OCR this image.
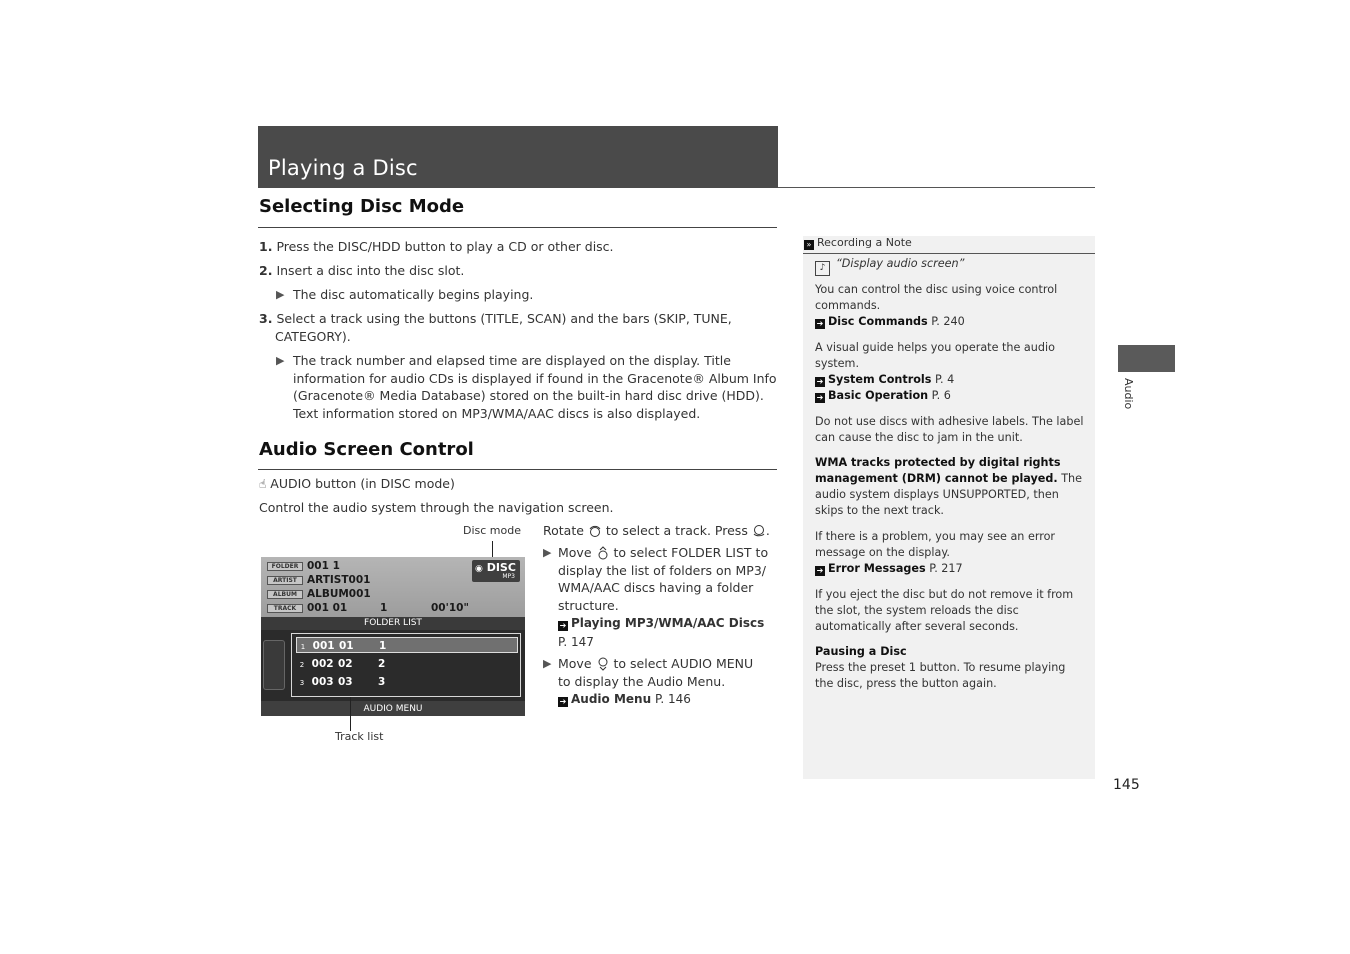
Playing a Disc
Selecting Disc Mode
1. Press the DISC/HDD button to play a CD or other disc.
2. Insert a disc into the disc slot.
▶ The disc automatically begins playing.
3. Select a track using the buttons (TITLE, SCAN) and the bars (SKIP, TUNE,
CATEGORY).
▶ The track number and elapsed time are displayed on the display. Title information for audio CDs is displayed if found in the Gracenote® Album Info (Gracenote® Media Database) stored on the built-in hard disc drive (HDD). Text information stored on MP3/WMA/AAC discs is also displayed.
Audio Screen Control
☝ AUDIO button (in DISC mode)
Control the audio system through the navigation screen.
Disc mode
FOLDER 001 1
ARTIST ARTIST001
ALBUM ALBUM001
TRACK 001 01	1	00'10"
◉ DISC
MP3
FOLDER LIST
1 001 01 1
2 002 02 2
3 003 03 3
AUDIO MENU
Track list
Rotate to select a track. Press .
▶ Move to select FOLDER LIST to
display the list of folders on MP3/
WMA/AAC discs having a folder
structure.
➔ Playing MP3/WMA/AAC Discs
P. 147
▶ Move to select AUDIO MENU
to display the Audio Menu.
➔ Audio Menu P. 146
» Recording a Note
♪ “Display audio screen”
You can control the disc using voice control commands.
➔ Disc Commands P. 240
A visual guide helps you operate the audio system.
➔ System Controls P. 4
➔ Basic Operation P. 6
Do not use discs with adhesive labels. The label can cause the disc to jam in the unit.
WMA tracks protected by digital rights management (DRM) cannot be played. The audio system displays UNSUPPORTED, then skips to the next track.
If there is a problem, you may see an error message on the display.
➔ Error Messages P. 217
If you eject the disc but do not remove it from the slot, the system reloads the disc automatically after several seconds.
Pausing a Disc
Press the preset 1 button. To resume playing the disc, press the button again.
Audio
145
